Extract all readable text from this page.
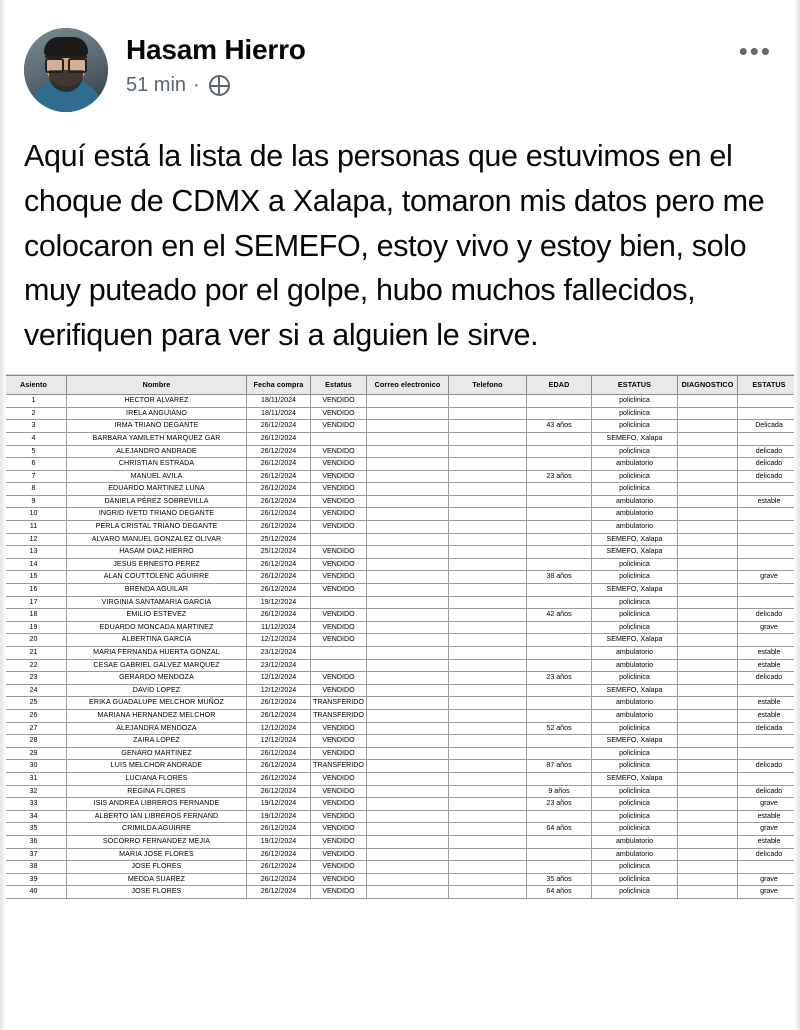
Hasam Hierro
51 min ·
•••
Aquí está la lista de las personas que estuvimos en el choque de CDMX a Xalapa, tomaron mis datos pero me colocaron en el SEMEFO, estoy vivo y estoy bien, solo muy puteado por el golpe, hubo muchos fallecidos, verifiquen para ver si a alguien le sirve.
Asiento	Nombre	Fecha compra	Estatus	Correo electronico	Telefono	EDAD	ESTATUS	DIAGNOSTICO	ESTATUS
1	HECTOR ALVAREZ	18/11/2024	VENDIDO				policlinica		
2	IRELA ANGUIANO	18/11/2024	VENDIDO				policlinica		
3	IRMA TRIANO DEGANTE	26/12/2024	VENDIDO			43 años	policlinica		Delicada
4	BARBARA YAMILETH MARQUEZ GAR	26/12/2024					SEMEFO, Xalapa		
5	ALEJANDRO ANDRADE	26/12/2024	VENDIDO				policlinica		delicado
6	CHRISTIAN ESTRADA	26/12/2024	VENDIDO				ambulatorio		delicado
7	MANUEL AVILA	26/12/2024	VENDIDO			23 años	policlinica		delicado
8	EDUARDO MARTINEZ LUNA	26/12/2024	VENDIDO				policlinica		
9	DANIELA PÉREZ SOBREVILLA	26/12/2024	VENDIDO				ambulatorio		estable
10	INGRID IVETD TRIANO DEGANTE	26/12/2024	VENDIDO				ambulatorio		
11	PERLA CRISTAL TRIANO DEGANTE	26/12/2024	VENDIDO				ambulatorio		
12	ALVARO MANUEL GONZALEZ OLIVAR	25/12/2024					SEMEFO, Xalapa		
13	HASAM DIAZ HIERRO	25/12/2024	VENDIDO				SEMEFO, Xalapa		
14	JESUS ERNESTO PEREZ	26/12/2024	VENDIDO				policlinica		
15	ALAN COUTTOLENC AGUIRRE	26/12/2024	VENDIDO			38 años	policlinica		grave
16	BRENDA AGUILAR	26/12/2024	VENDIDO				SEMEFO, Xalapa		
17	VIRGINIA SANTAMARIA GARCIA	19/12/2024					policlinica		
18	EMILIO ESTEVEZ	26/12/2024	VENDIDO			42 años	policlinica		delicado
19	EDUARDO MONCADA MARTINEZ	11/12/2024	VENDIDO				policlinica		grave
20	ALBERTINA GARCIA	12/12/2024	VENDIDO				SEMEFO, Xalapa		
21	MARIA FERNANDA HUERTA GONZAL	23/12/2024					ambulatorio		estable
22	CESAE GABRIEL GALVEZ MARQUEZ	23/12/2024					ambulatorio		estable
23	GERARDO MENDOZA	12/12/2024	VENDIDO			23 años	policlinica		delicado
24	DAVID LOPEZ	12/12/2024	VENDIDO				SEMEFO, Xalapa		
25	ERIKA GUADALUPE MELCHOR MUÑOZ	26/12/2024	TRANSFERIDO				ambulatorio		estable
26	MARIANA HERNANDEZ MELCHOR	26/12/2024	TRANSFERIDO				ambulatorio		estable
27	ALEJANDRA MENDOZA	12/12/2024	VENDIDO			52 años	policlinica		delicada
28	ZAIRA LOPEZ	12/12/2024	VENDIDO				SEMEFO, Xalapa		
29	GENARO MARTINEZ	26/12/2024	VENDIDO				policlinica		
30	LUIS MELCHOR ANDRADE	26/12/2024	TRANSFERIDO			87 años	policlinica		delicado
31	LUCIANA FLORES	26/12/2024	VENDIDO				SEMEFO, Xalapa		
32	REGINA FLORES	26/12/2024	VENDIDO			9 años	policlinica		delicado
33	ISIS ANDREA LIBREROS FERNANDE	19/12/2024	VENDIDO			23 años	policlinica		grave
34	ALBERTO IAN LIBREROS FERNAND	19/12/2024	VENDIDO				policlinica		estable
35	CRIMILDA AGUIRRE	26/12/2024	VENDIDO			64 años	policlinica		grave
36	SOCORRO FERNANDEZ MEJIA	19/12/2024	VENDIDO				ambulatorio		estable
37	MARIA JOSE FLORES	26/12/2024	VENDIDO				ambulatorio		delicado
38	JOSE FLORES	26/12/2024	VENDIDO				policlinica		
39	MEDDA SUAREZ	26/12/2024	VENDIDO			35 años	policlinica		grave
40	JOSE FLORES	26/12/2024	VENDIDO			64 años	policlinica		grave
